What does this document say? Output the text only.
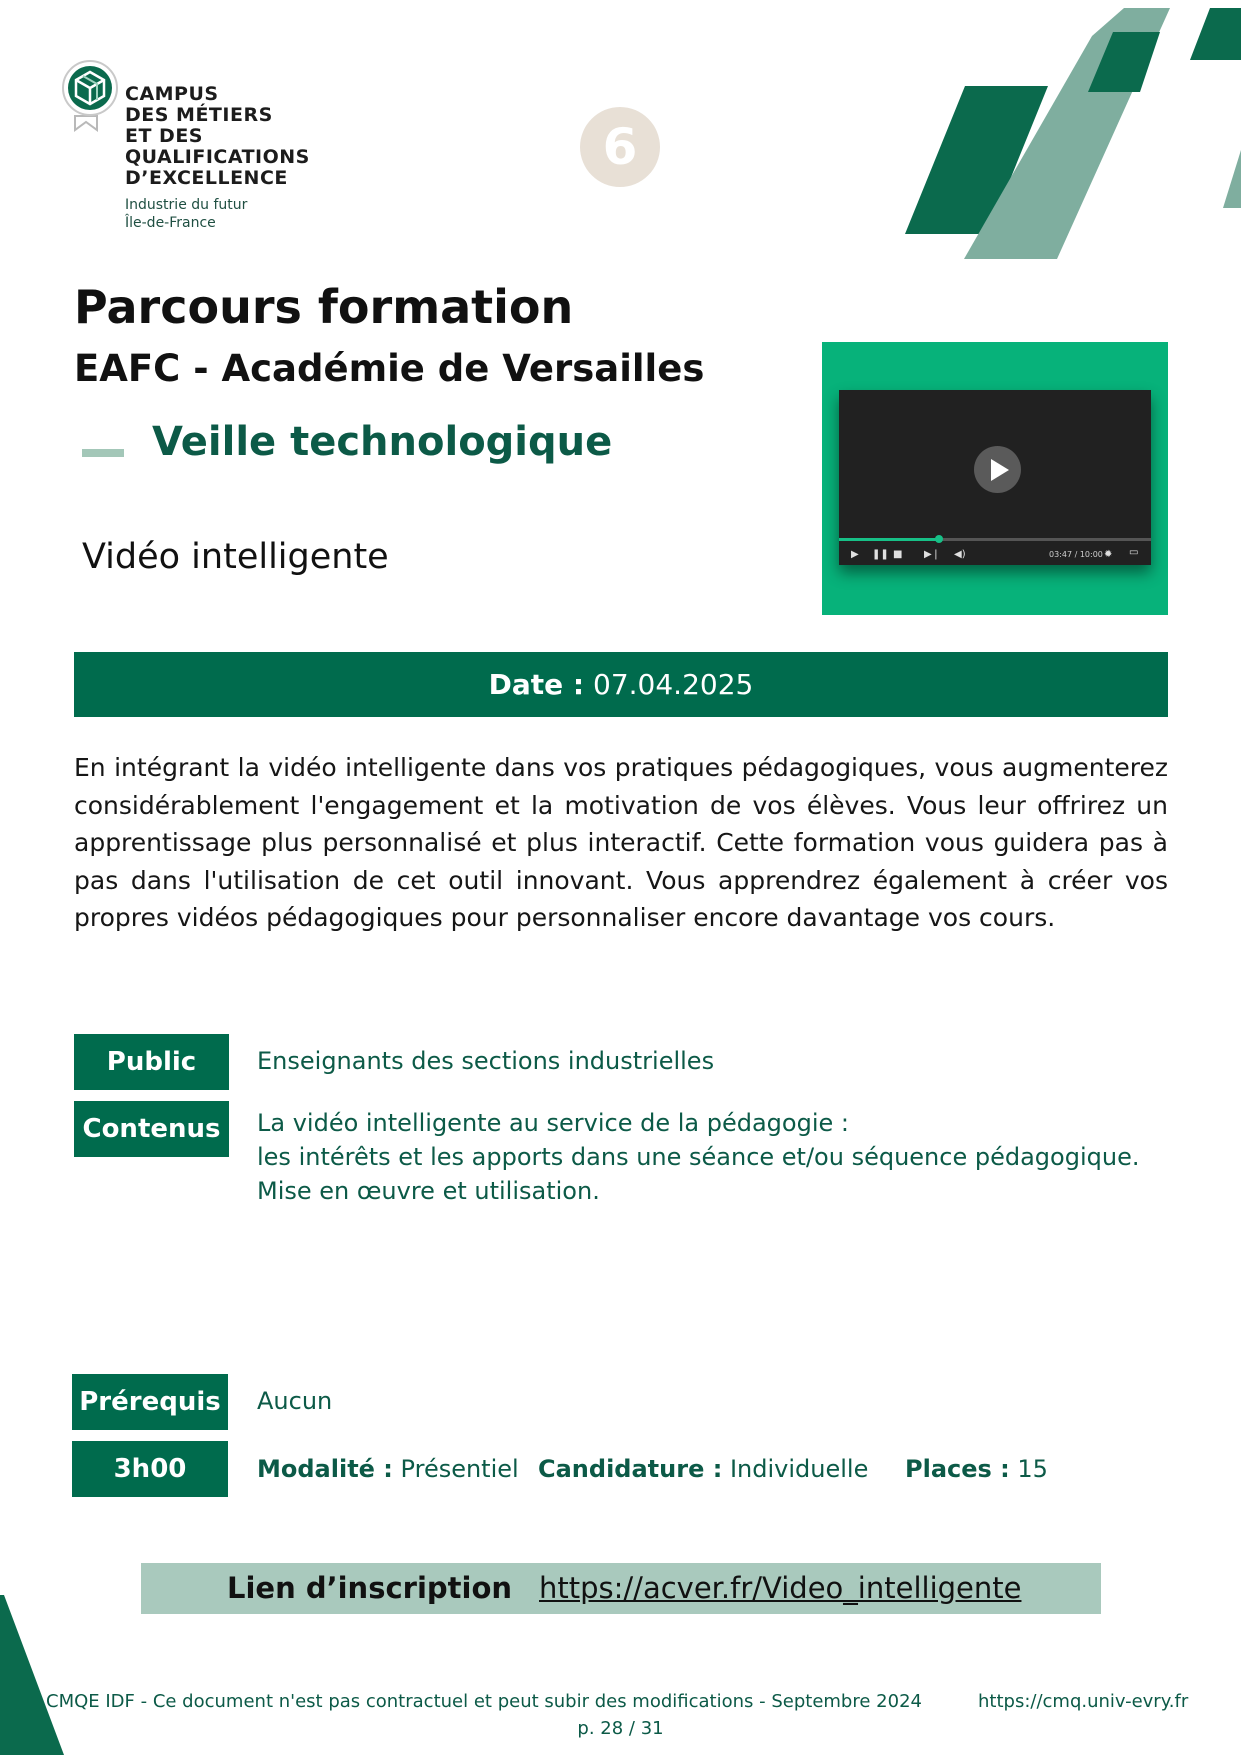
CAMPUS
DES MÉTIERS
ET DES
QUALIFICATIONS
D’EXCELLENCE
Industrie du futur
Île-de-France
6
Parcours formation
EAFC - Académie de Versailles
Veille technologique
Vidéo intelligente	▶ ❚❚ ■ ▶❘ ◀)	03:47 / 10:00 ✹ ▭
Date : 07.04.2025
En intégrant la vidéo intelligente dans vos pratiques pédagogiques, vous augmenterez considérablement l'engagement et la motivation de vos élèves. Vous leur offrirez un apprentissage plus personnalisé et plus interactif. Cette formation vous guidera pas à pas dans l'utilisation de cet outil innovant. Vous apprendrez également à créer vos propres vidéos pédagogiques pour personnaliser encore davantage vos cours.
Public	Enseignants des sections industrielles
Contenus	La vidéo intelligente au service de la pédagogie :
les intérêts et les apports dans une séance et/ou séquence pédagogique.
Mise en œuvre et utilisation.
Prérequis	Aucun
3h00	Modalité : Présentiel Candidature : Individuelle Places : 15
Lien d’inscription https://acver.fr/Video_intelligente
CMQE IDF - Ce document n'est pas contractuel et peut subir des modifications - Septembre 2024	https://cmq.univ-evry.fr
p. 28 / 31
